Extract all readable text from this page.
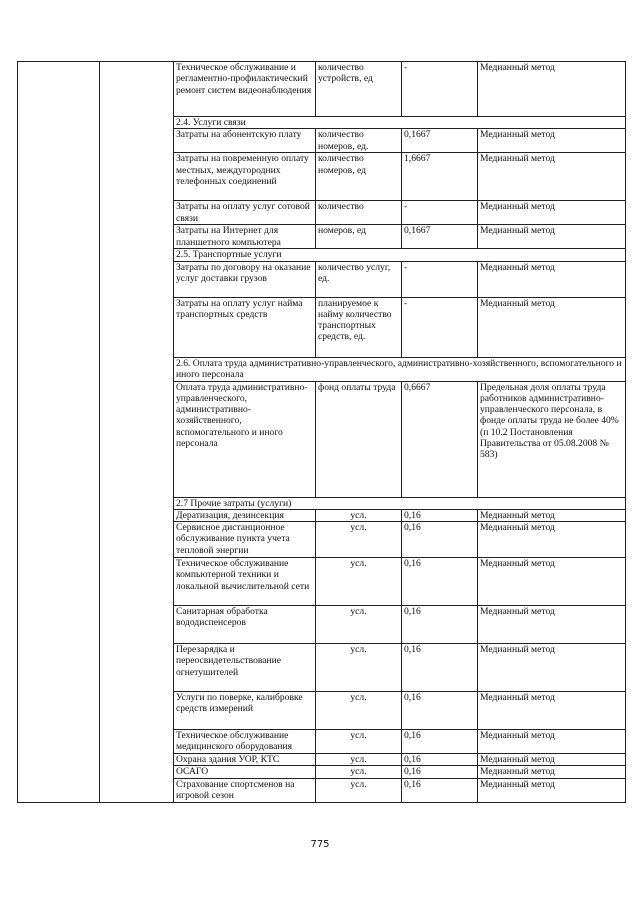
		Техническое обслуживание и регламентно-профилактический ремонт систем видеонаблюдения	количество устройств, ед	-	Медианный метод
		2.4. Услуги связи			
		Затраты на абонентскую плату	количество номеров, ед.	0,1667	Медианный метод
		Затраты на повременную оплату местных, междугородних телефонных соединений	количество номеров, ед	1,6667	Медианный метод
		Затраты на оплату услуг сотовой связи	количество	-	Медианный метод
		Затраты на Интернет для планшетного компьютера	номеров, ед	0,1667	Медианный метод
		2.5. Транспортные услуги			
		Затраты по договору на оказание услуг доставки грузов	количество услуг, ед.	-	Медианный метод
		Затраты на оплату услуг найма транспортных средств	планируемое к найму количество транспортных средств, ед.	-	Медианный метод
		2.6. Оплата труда административно-управленческого, административно-хозяйственного, вспомогательного и иного персонала			
		Оплата труда административно-управленческого, административно-хозяйственного, вспомогательного и иного персонала	фонд оплаты труда	0,6667	Предельная доля оплаты труда работников административно-управленческого персонала, в фонде оплаты труда не более 40% (п 10.2 Постановления Правительства от 05.08.2008 № 583)
		2.7 Прочие затраты (услуги)			
		Дератизация, дезинсекция	усл.	0,16	Медианный метод
		Сервисное дистанционное обслуживание пункта учета тепловой энергии	усл.	0,16	Медианный метод
		Техническое обслуживание компьютерной техники и локальной вычислительной сети	усл.	0,16	Медианный метод
		Санитарная обработка вододиспенсеров	усл.	0,16	Медианный метод
		Перезарядка и переосвидетельствование огнетушителей	усл.	0,16	Медианный метод
		Услуги по поверке, калибровке средств измерений	усл.	0,16	Медианный метод
		Техническое обслуживание медицинского оборудования	усл.	0,16	Медианный метод
		Охрана здания УОР, КТС	усл.	0,16	Медианный метод
		ОСАГО	усл.	0,16	Медианный метод
		Страхование спортсменов на игровой сезон	усл.	0,16	Медианный метод
775
